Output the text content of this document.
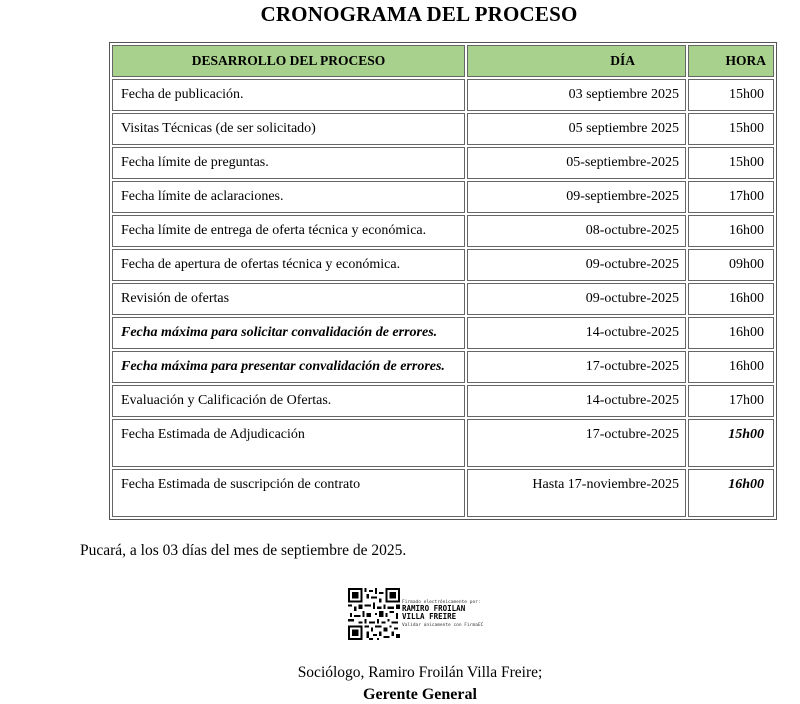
CRONOGRAMA DEL PROCESO
DESARROLLO DEL PROCESO	DÍA	HORA

Fecha de publicación.	03 septiembre 2025	15h00

Visitas Técnicas (de ser solicitado)	05 septiembre 2025	15h00

Fecha límite de preguntas.	05-septiembre-2025	15h00

Fecha límite de aclaraciones.	09-septiembre-2025	17h00

Fecha límite de entrega de oferta técnica y económica.	08-octubre-2025	16h00

Fecha de apertura de ofertas técnica y económica.	09-octubre-2025	09h00

Revisión de ofertas	09-octubre-2025	16h00

Fecha máxima para solicitar convalidación de errores.	14-octubre-2025	16h00

Fecha máxima para presentar convalidación de errores.	17-octubre-2025	16h00

Evaluación y Calificación de Ofertas.	14-octubre-2025	17h00

Fecha Estimada de Adjudicación	17-octubre-2025	15h00

Fecha Estimada de suscripción de contrato	Hasta 17-noviembre-2025	16h00
Pucará, a los 03 días del mes de septiembre de 2025.
Firmado electrónicamente por:
RAMIRO FROILAN
VILLA FREIRE
Validar únicamente con FirmaEC
Sociólogo, Ramiro Froilán Villa Freire;
Gerente General
